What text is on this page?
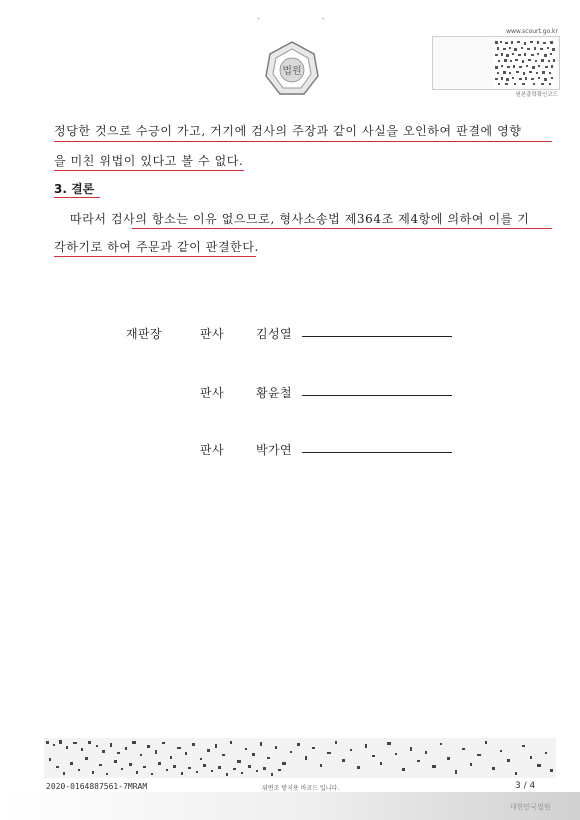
-	-
법원
www.scourt.go.kr
원본출력확인코드
정당한 것으로 수긍이 가고, 거기에 검사의 주장과 같이 사실을 오인하여 판결에 영향
을 미친 위법이 있다고 볼 수 없다.
3. 결론
따라서 검사의 항소는 이유 없으므로, 형사소송법 제364조 제4항에 의하여 이를 기
각하기로 하여 주문과 같이 판결한다.
재판장	판사	김성열
판사	황윤철
판사	박가연
2020-0164887561-7MRAM	위변조 방지용 바코드 입니다.	3 / 4
대한민국법원
